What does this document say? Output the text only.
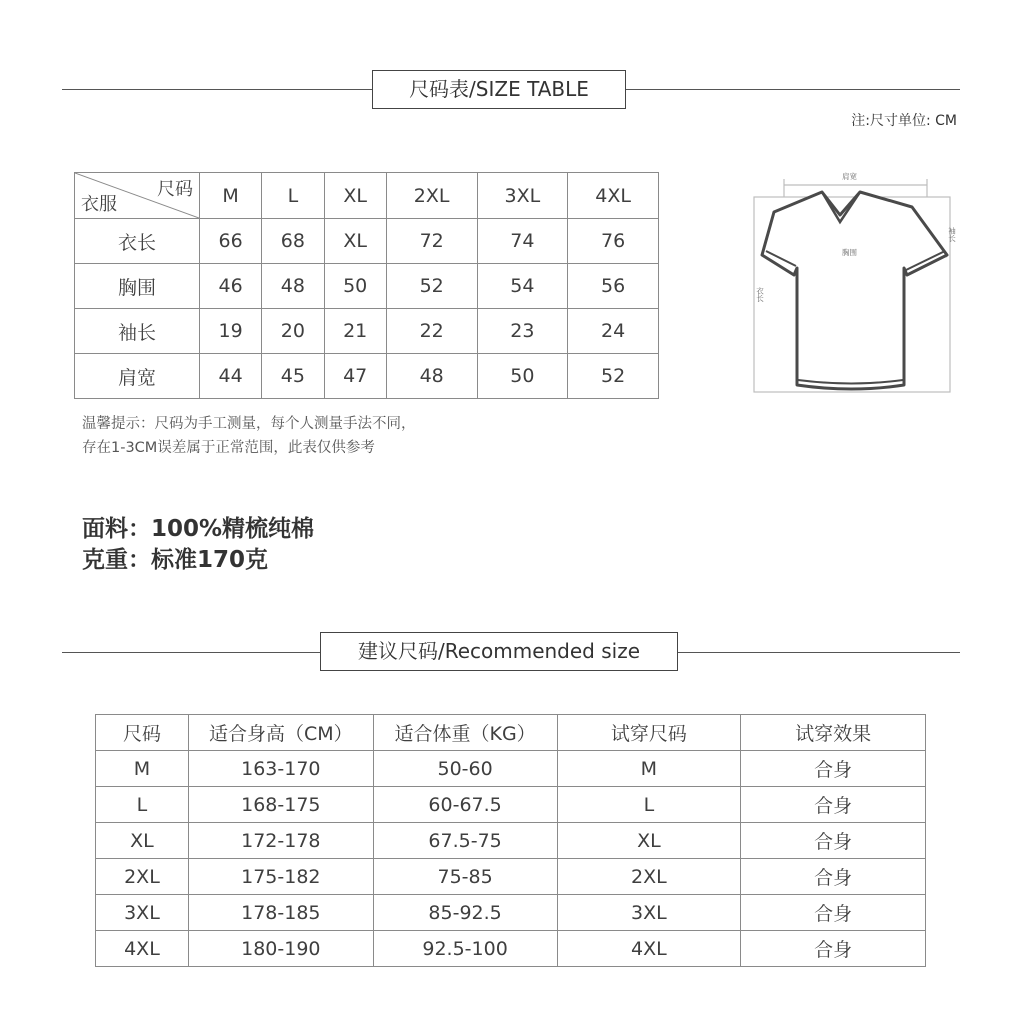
尺码表/SIZE TABLE
注:尺寸单位: CM
尺码
衣服	M	L	XL	2XL	3XL	4XL
衣长	66	68	XL	72	74	76
胸围	46	48	50	52	54	56
袖长	19	20	21	22	23	24
肩宽	44	45	47	48	50	52
肩宽
胸围
袖长
衣长
温馨提示：尺码为手工测量，每个人测量手法不同，
存在1-3CM误差属于正常范围，此表仅供参考
面料：100%精梳纯棉
克重：标准170克
建议尺码/Recommended size
尺码	适合身高（CM）	适合体重（KG）	试穿尺码	试穿效果
M	163-170	50-60	M	合身
L	168-175	60-67.5	L	合身
XL	172-178	67.5-75	XL	合身
2XL	175-182	75-85	2XL	合身
3XL	178-185	85-92.5	3XL	合身
4XL	180-190	92.5-100	4XL	合身
